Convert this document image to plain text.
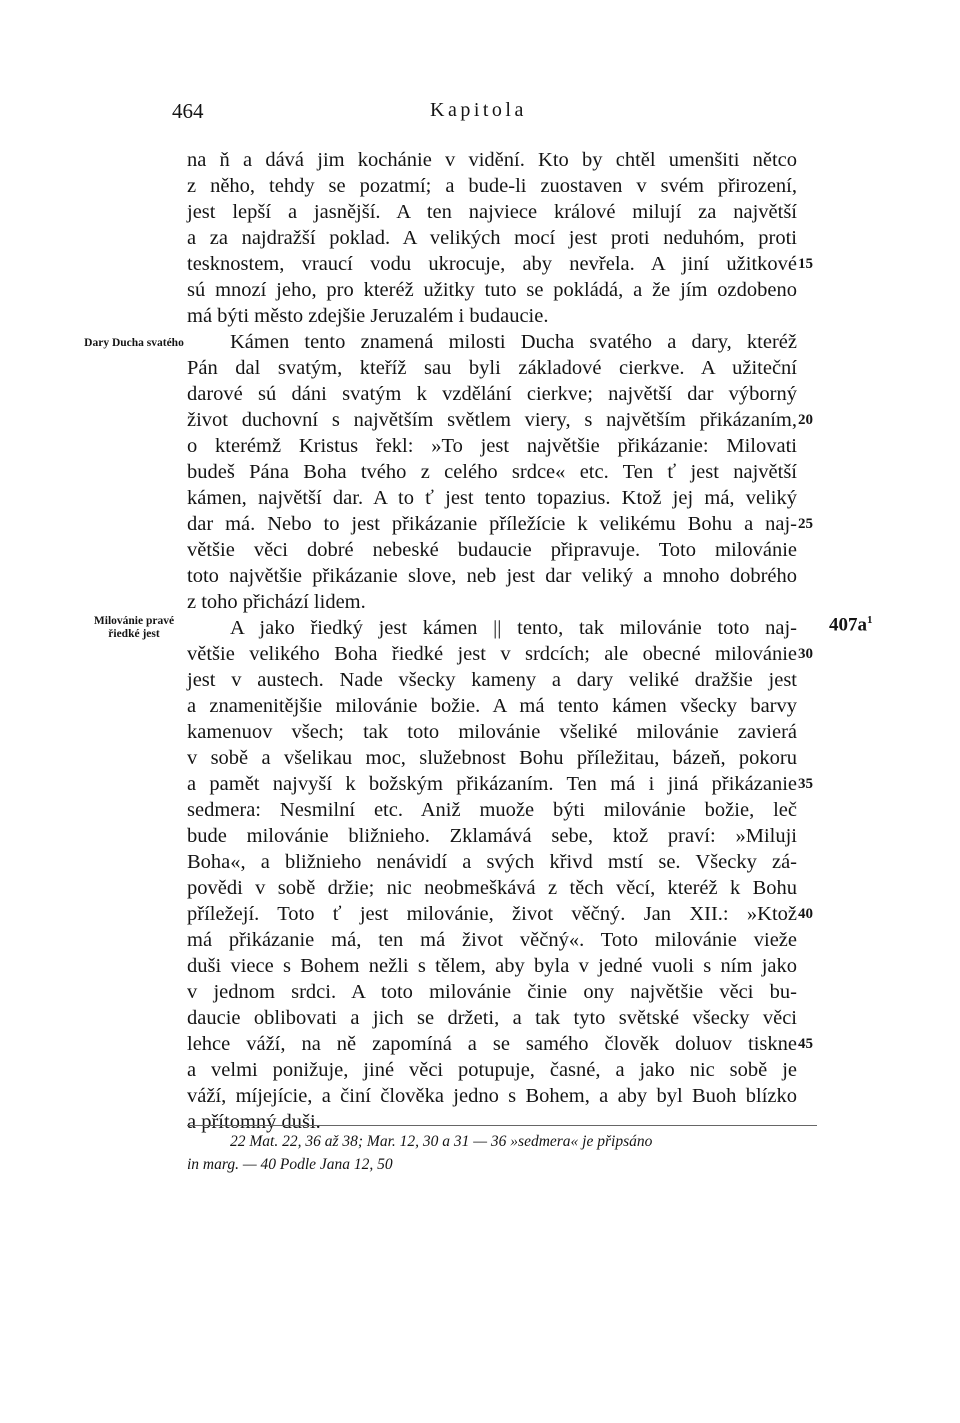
464	Kapitola
Dary Ducha svatého
Milovánie pravé řiedké jest	$407a^1$
na ň a dává jim kochánie v vidění. Kto by chtěl umenšiti nětco
z něho, tehdy se pozatmí; a bude-li zuostaven v svém přirození,
jest lepší a jasnější. A ten najviece králové milují za najvětší
a za najdražší poklad. A velikých mocí jest proti neduhóm, proti
tesknostem, vraucí vodu ukrocuje, aby nevřela. A jiní užitkové
sú mnozí jeho, pro kteréž užitky tuto se pokládá, a že jím ozdobeno
má býti město zdejšie Jeruzalém i budaucie.
Kámen tento znamená milosti Ducha svatého a dary, kteréž
Pán dal svatým, kteříž sau byli základové cierkve. A užiteční
darové sú dáni svatým k vzdělání cierkve; najvětší dar výborný
život duchovní s najvětším světlem viery, s najvětším přikázaním,
o kterémž Kristus řekl: »To jest najvětšie přikázanie: Milovati
budeš Pána Boha tvého z celého srdce« etc. Ten ť jest najvětší
kámen, najvětší dar. A to ť jest tento topazius. Ktož jej má, veliký
dar má. Nebo to jest přikázanie příležície k velikému Bohu a naj-
většie věci dobré nebeské budaucie připravuje. Toto milovánie
toto najvětšie přikázanie slove, neb jest dar veliký a mnoho dobrého
z toho přichází lidem.
A jako řiedký jest kámen || tento, tak milovánie toto naj-
většie velikého Boha řiedké jest v srdcích; ale obecné milovánie
jest v austech. Nade všecky kameny a dary veliké dražšie jest
a znamenitějšie milovánie božie. A má tento kámen všecky barvy
kamenuov všech; tak toto milovánie všeliké milovánie zavierá
v sobě a všelikau moc, služebnost Bohu příležitau, bázeň, pokoru
a pamět najvyší k božským přikázaním. Ten má i jiná přikázanie
sedmera: Nesmilní etc. Aniž muože býti milovánie božie, leč
bude milovánie bližnieho. Zklamává sebe, ktož praví: »Miluji
Boha«, a bližnieho nenávidí a svých křivd mstí se. Všecky zá-
povědi v sobě držie; nic neobmeškává z těch věcí, kteréž k Bohu
příležejí. Toto ť jest milovánie, život věčný. Jan XII.: »Ktož
má přikázanie má, ten má život věčný«. Toto milovánie vieže
duši viece s Bohem nežli s tělem, aby byla v jedné vuoli s ním jako
v jednom srdci. A toto milovánie činie ony najvětšie věci bu-
daucie oblibovati a jich se držeti, a tak tyto světské všecky věci
lehce váží, na ně zapomíná a se samého člověk doluov tiskne
a velmi ponižuje, jiné věci potupuje, časné, a jako nic sobě je
váží, míjejície, a činí člověka jedno s Bohem, a aby byl Buoh blízko
a přítomný duši.
15
20
25
30
35
40
45
22 Mat. 22, 36 až 38; Mar. 12, 30 a 31 — 36 »sedmera« je připsáno
in marg. — 40 Podle Jana 12, 50
